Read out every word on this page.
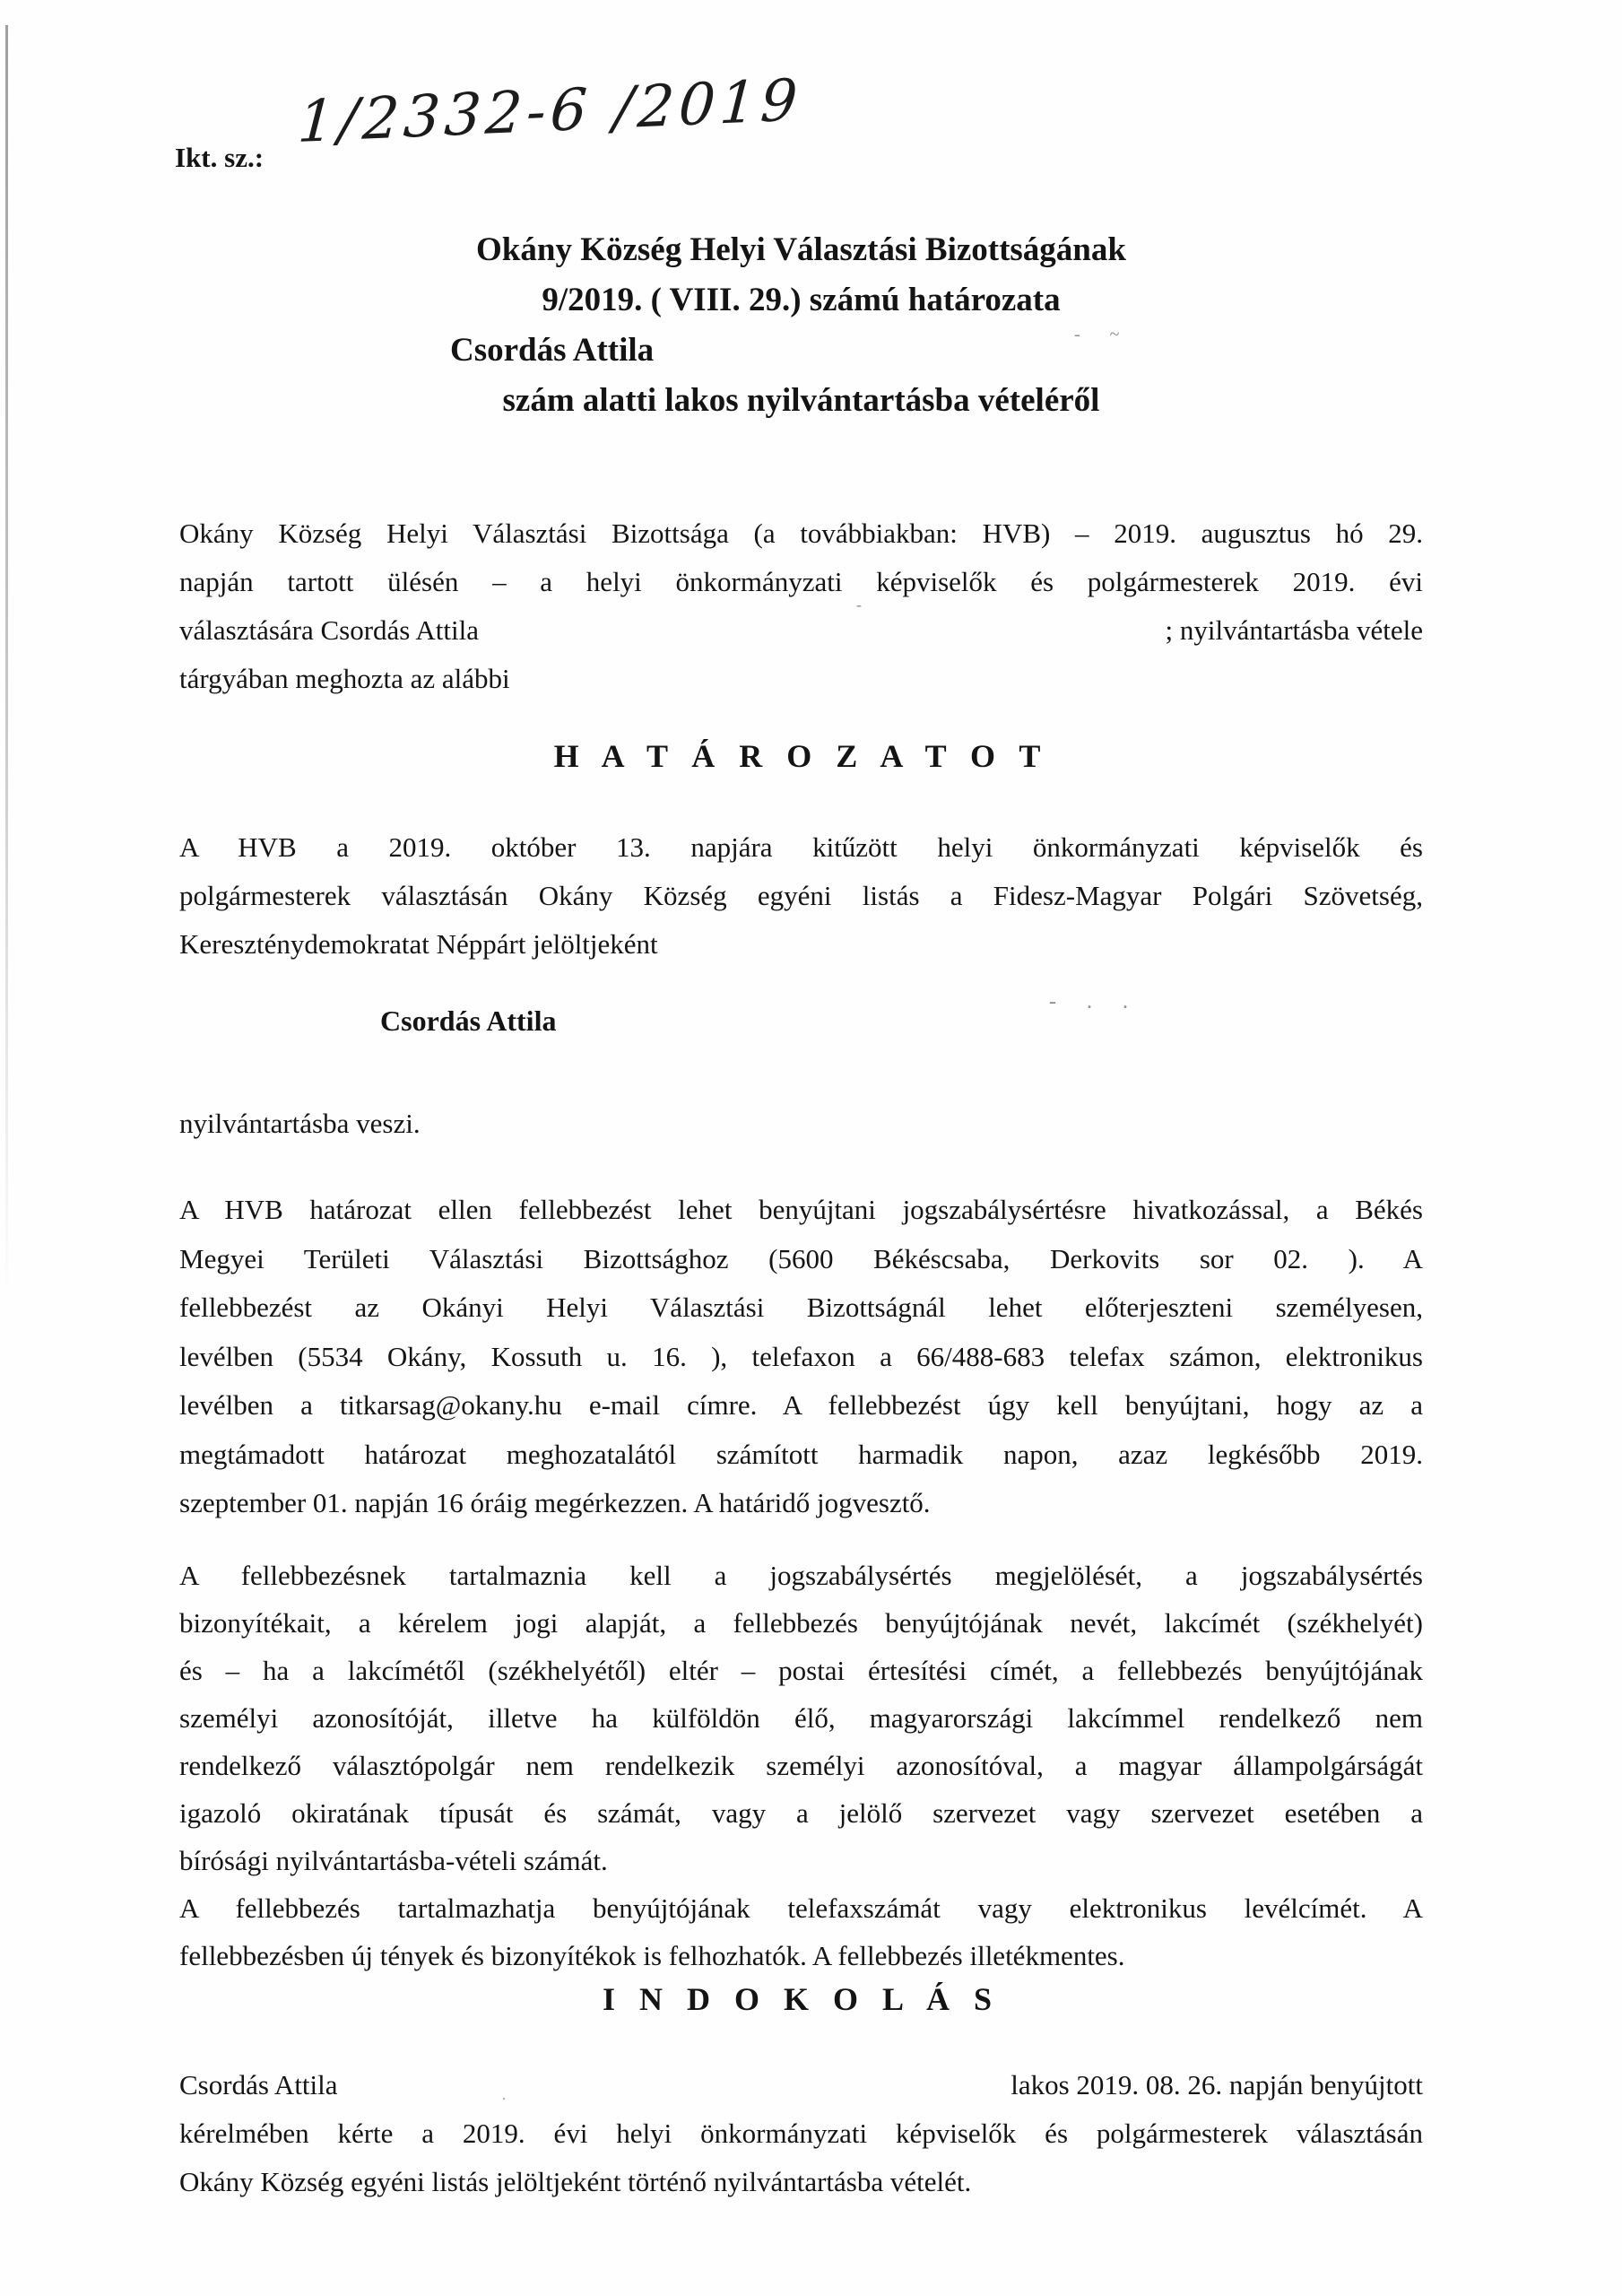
Ikt. sz.:
1/2332-6 /2019
Okány Község Helyi Választási Bizottságának
9/2019. ( VIII. 29.) számú határozata
Csordás Attila	- ~
szám alatti lakos nyilvántartásba vételéről
Okány Község Helyi Választási Bizottsága (a továbbiakban: HVB) – 2019. augusztus hó 29.
napján tartott ülésén – a helyi önkormányzati képviselők és polgármesterek 2019. évi
-
választására Csordás Attila	; nyilvántartásba vétele
tárgyában meghozta az alábbi
H A T Á R O Z A T O T
A HVB a 2019. október 13. napjára kitűzött helyi önkormányzati képviselők és
polgármesterek választásán Okány Község egyéni listás a Fidesz-Magyar Polgári Szövetség,
Kereszténydemokratat Néppárt jelöltjeként
Csordás Attila
- . .
nyilvántartásba veszi.
A HVB határozat ellen fellebbezést lehet benyújtani jogszabálysértésre hivatkozással, a Békés
Megyei Területi Választási Bizottsághoz (5600 Békéscsaba, Derkovits sor 02. ). A
fellebbezést az Okányi Helyi Választási Bizottságnál lehet előterjeszteni személyesen,
levélben (5534 Okány, Kossuth u. 16. ), telefaxon a 66/488-683 telefax számon, elektronikus
levélben a titkarsag@okany.hu e-mail címre. A fellebbezést úgy kell benyújtani, hogy az a
megtámadott határozat meghozatalától számított harmadik napon, azaz legkésőbb 2019.
szeptember 01. napján 16 óráig megérkezzen. A határidő jogvesztő.
A fellebbezésnek tartalmaznia kell a jogszabálysértés megjelölését, a jogszabálysértés
bizonyítékait, a kérelem jogi alapját, a fellebbezés benyújtójának nevét, lakcímét (székhelyét)
és – ha a lakcímétől (székhelyétől) eltér – postai értesítési címét, a fellebbezés benyújtójának
személyi azonosítóját, illetve ha külföldön élő, magyarországi lakcímmel rendelkező nem
rendelkező választópolgár nem rendelkezik személyi azonosítóval, a magyar állampolgárságát
igazoló okiratának típusát és számát, vagy a jelölő szervezet vagy szervezet esetében a
bírósági nyilvántartásba-vételi számát.
A fellebbezés tartalmazhatja benyújtójának telefaxszámát vagy elektronikus levélcímét. A
fellebbezésben új tények és bizonyítékok is felhozhatók. A fellebbezés illetékmentes.
I N D O K O L Á S
Csordás Attila	lakos 2019. 08. 26. napján benyújtott
.
kérelmében kérte a 2019. évi helyi önkormányzati képviselők és polgármesterek választásán
Okány Község egyéni listás jelöltjeként történő nyilvántartásba vételét.
